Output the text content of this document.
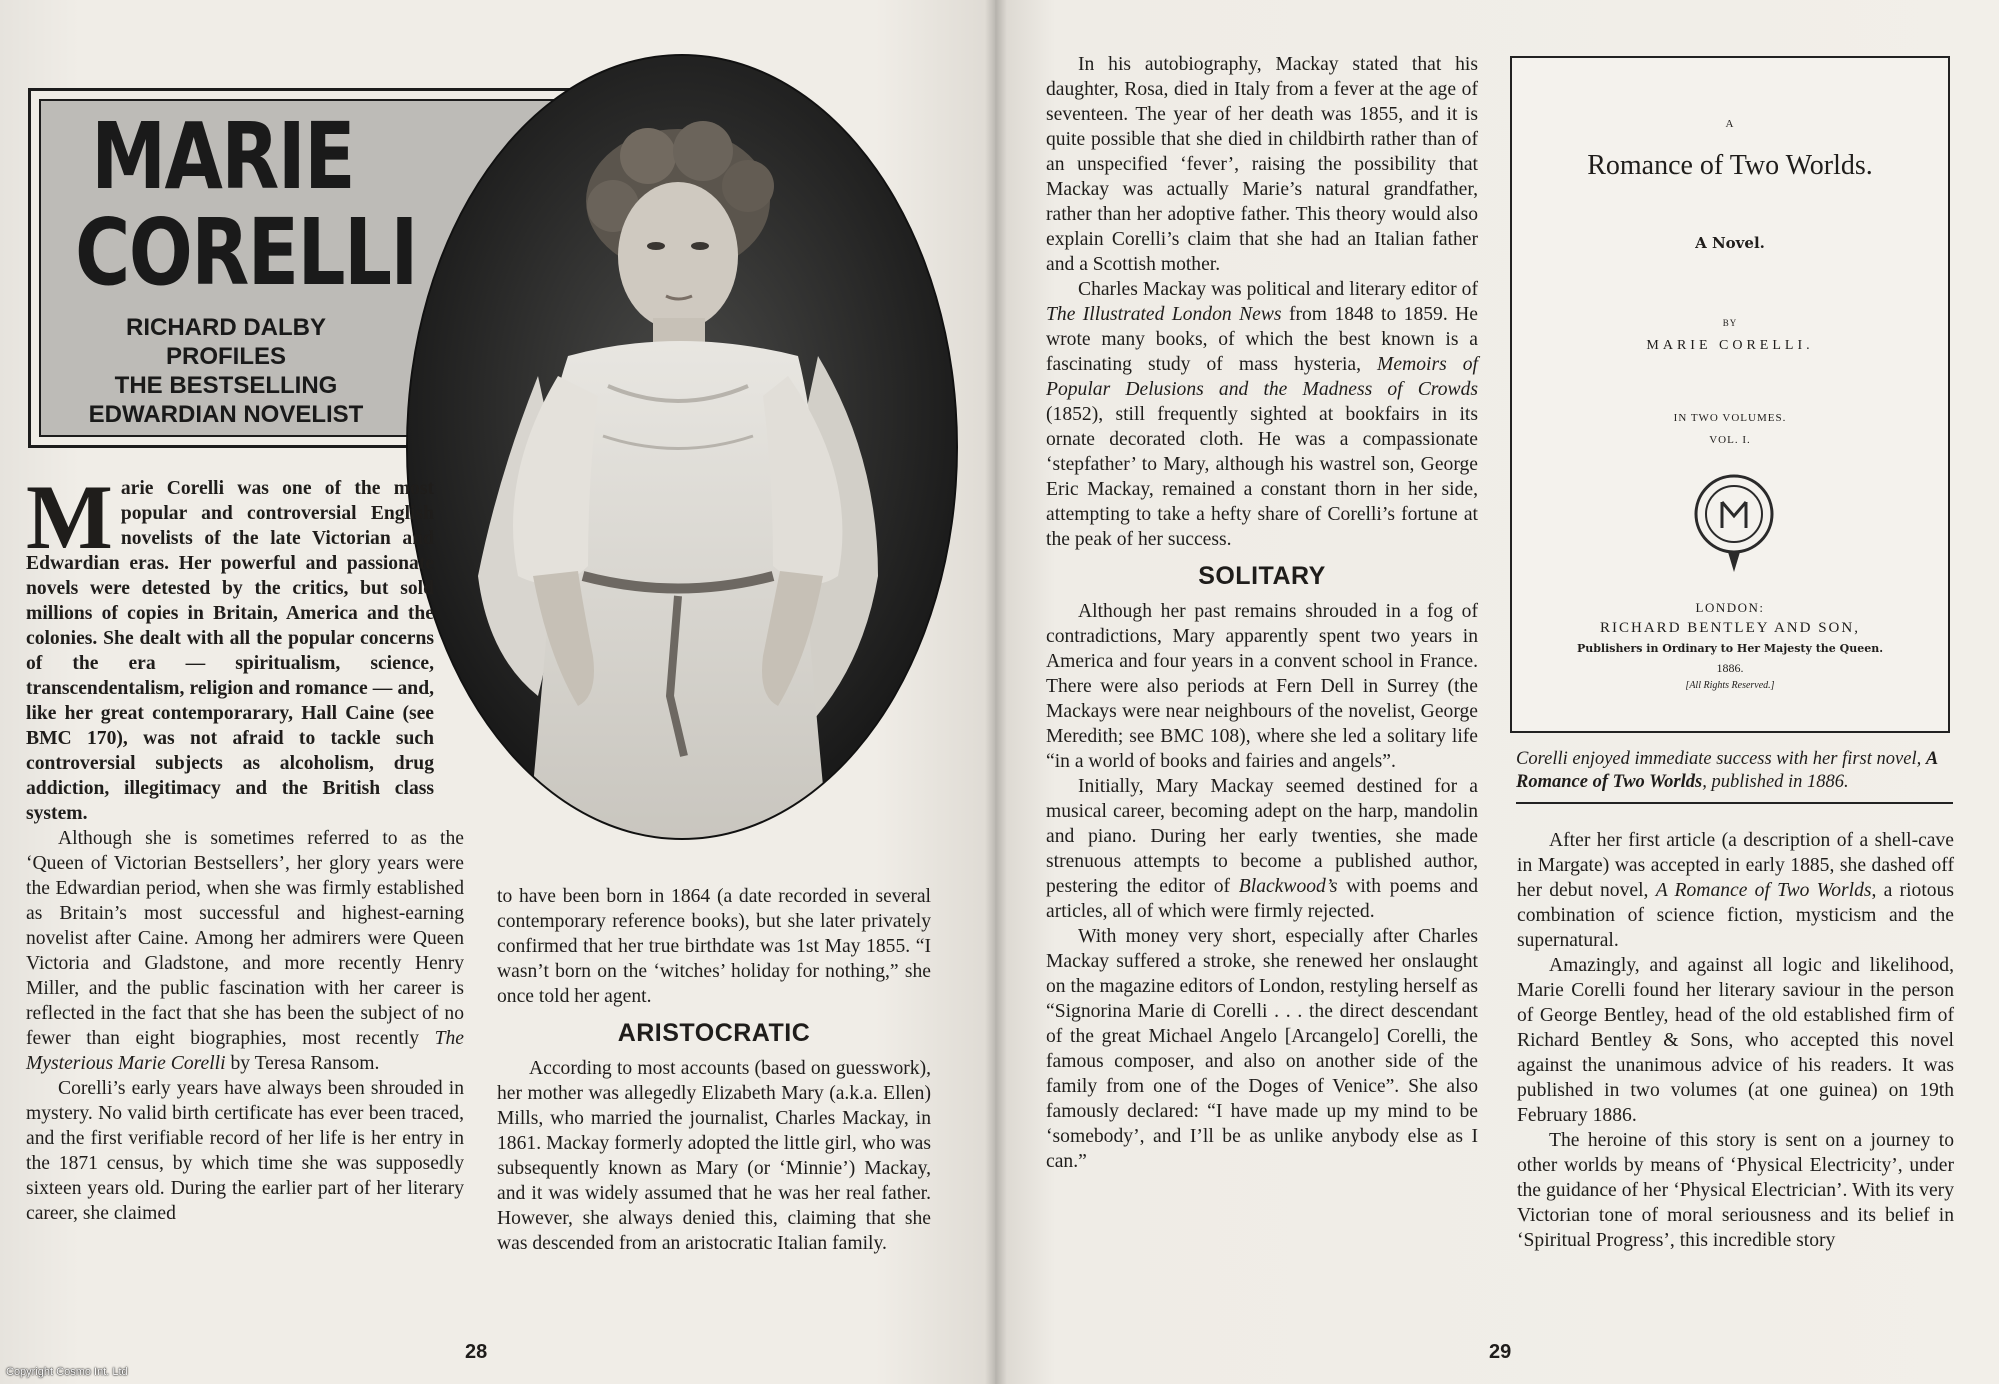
MARIE
CORELLI

RICHARD DALBY
PROFILES
THE BESTSELLING
EDWARDIAN NOVELIST

Marie Corelli was one of the most popular and controversial English novelists of the late Victorian and Edwardian eras. Her powerful and passionate novels were detested by the critics, but sold millions of copies in Britain, America and the colonies. She dealt with all the popular concerns of the era — spiritualism, science, transcendentalism, religion and romance — and, like her great contemporarary, Hall Caine (see BMC 170), was not afraid to tackle such controversial subjects as alcoholism, drug addiction, illegitimacy and the British class system.

Although she is sometimes referred to as the ‘Queen of Victorian Bestsellers’, her glory years were the Edwardian period, when she was firmly established as Britain’s most successful and highest-earning novelist after Caine. Among her admirers were Queen Victoria and Gladstone, and more recently Henry Miller, and the public fascination with her career is reflected in the fact that she has been the subject of no fewer than eight biographies, most recently The Mysterious Marie Corelli by Teresa Ransom.

Corelli’s early years have always been shrouded in mystery. No valid birth certificate has ever been traced, and the first verifiable record of her life is her entry in the 1871 census, by which time she was supposedly sixteen years old. During the earlier part of her literary career, she claimed

to have been born in 1864 (a date recorded in several contemporary reference books), but she later privately confirmed that her true birthdate was 1st May 1855. “I wasn’t born on the ‘witches’ holiday for nothing,” she once told her agent.

ARISTOCRATIC

According to most accounts (based on guesswork), her mother was allegedly Elizabeth Mary (a.k.a. Ellen) Mills, who married the journalist, Charles Mackay, in 1861. Mackay formerly adopted the little girl, who was subsequently known as Mary (or ‘Minnie’) Mackay, and it was widely assumed that he was her real father. However, she always denied this, claiming that she was descended from an aristocratic Italian family.

28

In his autobiography, Mackay stated that his daughter, Rosa, died in Italy from a fever at the age of seventeen. The year of her death was 1855, and it is quite possible that she died in childbirth rather than of an unspecified ‘fever’, raising the possibility that Mackay was actually Marie’s natural grandfather, rather than her adoptive father. This theory would also explain Corelli’s claim that she had an Italian father and a Scottish mother.

Charles Mackay was political and literary editor of The Illustrated London News from 1848 to 1859. He wrote many books, of which the best known is a fascinating study of mass hysteria, Memoirs of Popular Delusions and the Madness of Crowds (1852), still frequently sighted at bookfairs in its ornate decorated cloth. He was a compassionate ‘stepfather’ to Mary, although his wastrel son, George Eric Mackay, remained a constant thorn in her side, attempting to take a hefty share of Corelli’s fortune at the peak of her success.

SOLITARY

Although her past remains shrouded in a fog of contradictions, Mary apparently spent two years in America and four years in a convent school in France. There were also periods at Fern Dell in Surrey (the Mackays were near neighbours of the novelist, George Meredith; see BMC 108), where she led a solitary life “in a world of books and fairies and angels”.

Initially, Mary Mackay seemed destined for a musical career, becoming adept on the harp, mandolin and piano. During her early twenties, she made strenuous attempts to become a published author, pestering the editor of Blackwood’s with poems and articles, all of which were firmly rejected.

With money very short, especially after Charles Mackay suffered a stroke, she renewed her onslaught on the magazine editors of London, restyling herself as “Signorina Marie di Corelli . . . the direct descendant of the great Michael Angelo [Arcangelo] Corelli, the famous composer, and also on another side of the family from one of the Doges of Venice”. She also famously declared: “I have made up my mind to be ‘somebody’, and I’ll be as unlike anybody else as I can.”

A
Romance of Two Worlds.
A Novel.
BY
MARIE CORELLI.
IN TWO VOLUMES.
VOL. I.
LONDON:
RICHARD BENTLEY AND SON,
Publishers in Ordinary to Her Majesty the Queen.
1886.
[All Rights Reserved.]
Corelli enjoyed immediate success with her first novel, A Romance of Two Worlds, published in 1886.

After her first article (a description of a shell-cave in Margate) was accepted in early 1885, she dashed off her debut novel, A Romance of Two Worlds, a riotous combination of science fiction, mysticism and the supernatural.

Amazingly, and against all logic and likelihood, Marie Corelli found her literary saviour in the person of George Bentley, head of the old established firm of Richard Bentley & Sons, who accepted this novel against the unanimous advice of his readers. It was published in two volumes (at one guinea) on 19th February 1886.

The heroine of this story is sent on a journey to other worlds by means of ‘Physical Electricity’, under the guidance of her ‘Physical Electrician’. With its very Victorian tone of moral seriousness and its belief in ‘Spiritual Progress’, this incredible story

29
Copyright Cosmo Int. Ltd
